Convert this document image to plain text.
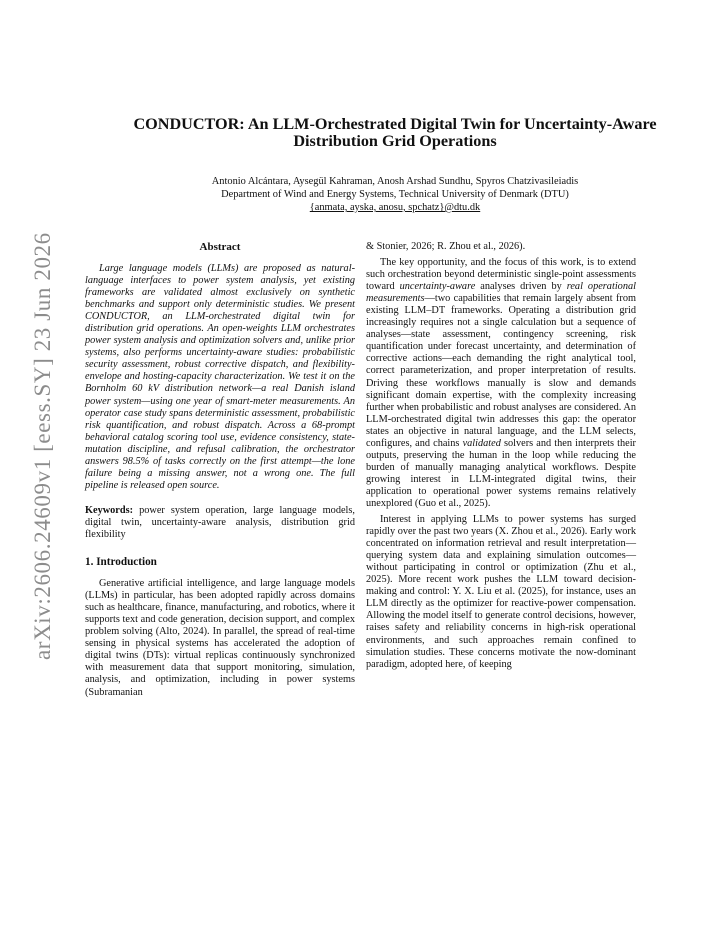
arXiv:2606.24609v1 [eess.SY] 23 Jun 2026
CONDUCTOR: An LLM-Orchestrated Digital Twin for Uncertainty-Aware
Distribution Grid Operations
Antonio Alcántara, Aysegül Kahraman, Anosh Arshad Sundhu, Spyros Chatzivasileiadis
Department of Wind and Energy Systems, Technical University of Denmark (DTU)
{anmata, ayska, anosu, spchatz}@dtu.dk
Abstract

Large language models (LLMs) are proposed as natural-language interfaces to power system analysis, yet existing frameworks are validated almost exclusively on synthetic benchmarks and support only deterministic studies. We present CONDUCTOR, an LLM-orchestrated digital twin for distribution grid operations. An open-weights LLM orchestrates power system analysis and optimization solvers and, unlike prior systems, also performs uncertainty-aware studies: probabilistic security assessment, robust corrective dispatch, and flexibility-envelope and hosting-capacity characterization. We test it on the Bornholm 60 kV distribution network—a real Danish island power system—using one year of smart-meter measurements. An operator case study spans deterministic assessment, probabilistic risk quantification, and robust dispatch. Across a 68-prompt behavioral catalog scoring tool use, evidence consistency, state-mutation discipline, and refusal calibration, the orchestrator answers 98.5% of tasks correctly on the first attempt—the lone failure being a missing answer, not a wrong one. The full pipeline is released open source.

Keywords: power system operation, large language models, digital twin, uncertainty-aware analysis, distribution grid flexibility

1. Introduction

Generative artificial intelligence, and large language models (LLMs) in particular, has been adopted rapidly across domains such as healthcare, finance, manufacturing, and robotics, where it supports text and code generation, decision support, and complex problem solving (Alto, 2024). In parallel, the spread of real-time sensing in physical systems has accelerated the adoption of digital twins (DTs): virtual replicas continuously synchronized with measurement data that support monitoring, simulation, analysis, and optimization, including in power systems (Subramanian

& Stonier, 2026; R. Zhou et al., 2026).

The key opportunity, and the focus of this work, is to extend such orchestration beyond deterministic single-point assessments toward uncertainty-aware analyses driven by real operational measurements—two capabilities that remain largely absent from existing LLM–DT frameworks. Operating a distribution grid increasingly requires not a single calculation but a sequence of analyses—state assessment, contingency screening, risk quantification under forecast uncertainty, and determination of corrective actions—each demanding the right analytical tool, correct parameterization, and proper interpretation of results. Driving these workflows manually is slow and demands significant domain expertise, with the complexity increasing further when probabilistic and robust analyses are considered. An LLM-orchestrated digital twin addresses this gap: the operator states an objective in natural language, and the LLM selects, configures, and chains validated solvers and then interprets their outputs, preserving the human in the loop while reducing the burden of manually managing analytical workflows. Despite growing interest in LLM-integrated digital twins, their application to operational power systems remains relatively unexplored (Guo et al., 2025).

Interest in applying LLMs to power systems has surged rapidly over the past two years (X. Zhou et al., 2026). Early work concentrated on information retrieval and result interpretation—querying system data and explaining simulation outcomes—without participating in control or optimization (Zhu et al., 2025). More recent work pushes the LLM toward decision-making and control: Y. X. Liu et al. (2025), for instance, uses an LLM directly as the optimizer for reactive-power compensation. Allowing the model itself to generate control decisions, however, raises safety and reliability concerns in high-risk operational environments, and such approaches remain confined to simulation studies. These concerns motivate the now-dominant paradigm, adopted here, of keeping
